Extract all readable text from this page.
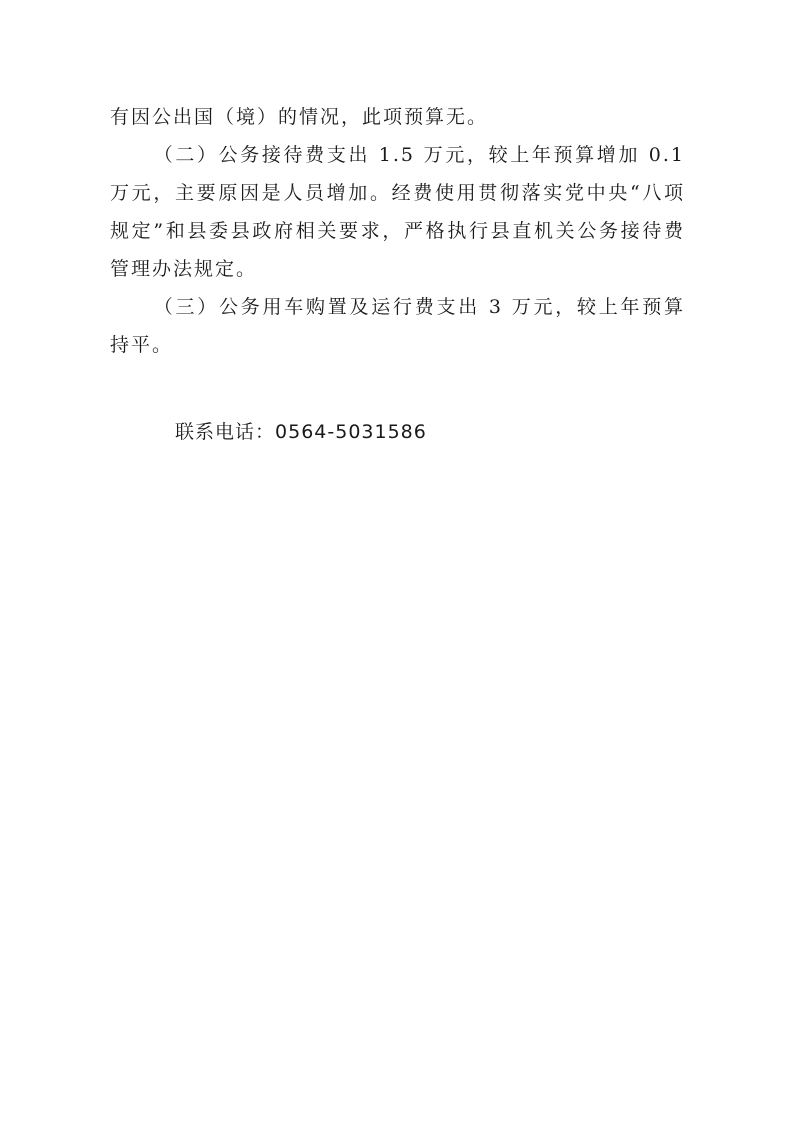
有因公出国（境）的情况，此项预算无。

（二）公务接待费支出 1.5 万元，较上年预算增加 0.1 万元，主要原因是人员增加。经费使用贯彻落实党中央“八项规定”和县委县政府相关要求，严格执行县直机关公务接待费管理办法规定。

（三）公务用车购置及运行费支出 3 万元，较上年预算持平。

联系电话：0564-5031586
